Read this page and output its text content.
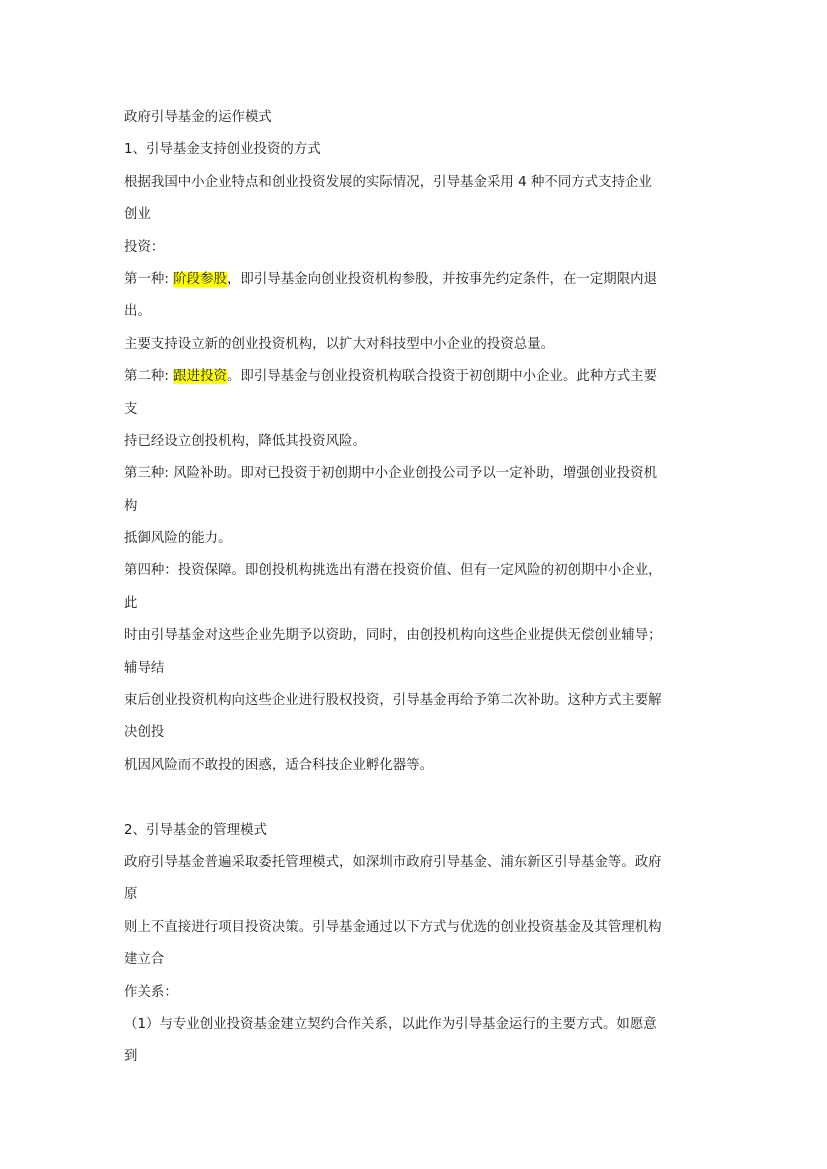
政府引导基金的运作模式
1、引导基金支持创业投资的方式
根据我国中小企业特点和创业投资发展的实际情况，引导基金采用 4 种不同方式支持企业
创业
投资：
第一种: 阶段参股，即引导基金向创业投资机构参股，并按事先约定条件，在一定期限内退
出。
主要支持设立新的创业投资机构，以扩大对科技型中小企业的投资总量。
第二种: 跟进投资。即引导基金与创业投资机构联合投资于初创期中小企业。此种方式主要
支
持已经设立创投机构，降低其投资风险。
第三种: 风险补助。即对已投资于初创期中小企业创投公司予以一定补助，增强创业投资机
构
抵御风险的能力。
第四种：投资保障。即创投机构挑选出有潜在投资价值、但有一定风险的初创期中小企业，
此
时由引导基金对这些企业先期予以资助，同时，由创投机构向这些企业提供无偿创业辅导；
辅导结
束后创业投资机构向这些企业进行股权投资，引导基金再给予第二次补助。这种方式主要解
决创投
机因风险而不敢投的困惑，适合科技企业孵化器等。
2、引导基金的管理模式
政府引导基金普遍采取委托管理模式，如深圳市政府引导基金、浦东新区引导基金等。政府
原
则上不直接进行项目投资决策。引导基金通过以下方式与优选的创业投资基金及其管理机构
建立合
作关系：
（1）与专业创业投资基金建立契约合作关系，以此作为引导基金运行的主要方式。如愿意
到
